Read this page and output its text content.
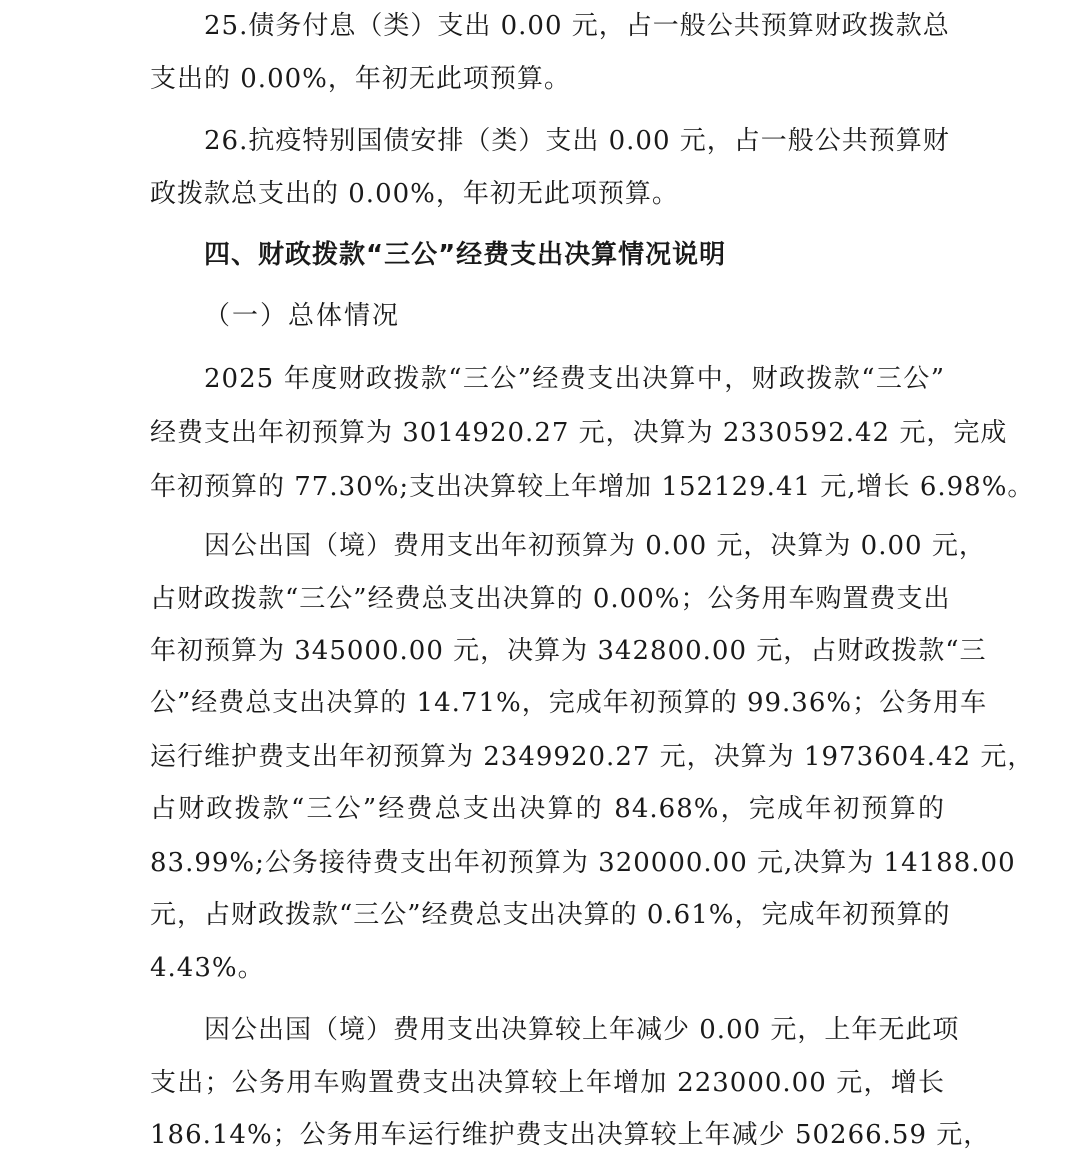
25.债务付息（类）支出 0.00 元，占一般公共预算财政拨款总
支出的 0.00%，年初无此项预算。
26.抗疫特别国债安排（类）支出 0.00 元，占一般公共预算财
政拨款总支出的 0.00%，年初无此项预算。
四、财政拨款“三公”经费支出决算情况说明
（一）总体情况
2025 年度财政拨款“三公”经费支出决算中，财政拨款“三公”
经费支出年初预算为 3014920.27 元，决算为 2330592.42 元，完成
年初预算的 77.30%;支出决算较上年增加 152129.41 元,增长 6.98%。
因公出国（境）费用支出年初预算为 0.00 元，决算为 0.00 元，
占财政拨款“三公”经费总支出决算的 0.00%；公务用车购置费支出
年初预算为 345000.00 元，决算为 342800.00 元，占财政拨款“三
公”经费总支出决算的 14.71%，完成年初预算的 99.36%；公务用车
运行维护费支出年初预算为 2349920.27 元，决算为 1973604.42 元，
占财政拨款“三公”经费总支出决算的 84.68%，完成年初预算的
83.99%;公务接待费支出年初预算为 320000.00 元,决算为 14188.00
元，占财政拨款“三公”经费总支出决算的 0.61%，完成年初预算的
4.43%。
因公出国（境）费用支出决算较上年减少 0.00 元，上年无此项
支出；公务用车购置费支出决算较上年增加 223000.00 元，增长
186.14%；公务用车运行维护费支出决算较上年减少 50266.59 元，
